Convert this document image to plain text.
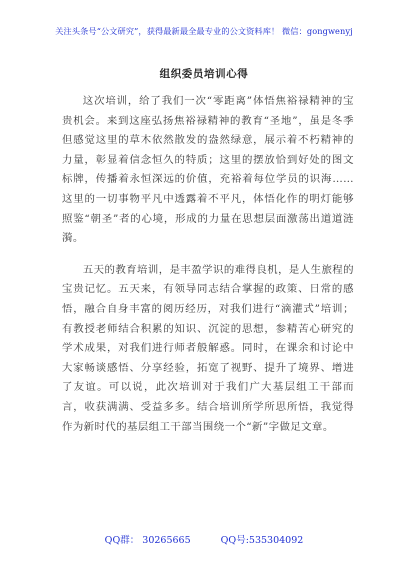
关注头条号“公文研究”，获得最新最全最专业的公文资料库！ 微信：gongwenyj
组织委员培训心得

这次培训，给了我们一次“零距离”体悟焦裕禄精神的宝贵机会。来到这座弘扬焦裕禄精神的教育“圣地”，虽是冬季但感觉这里的草木依然散发的盎然绿意，展示着不朽精神的力量，彰显着信念恒久的特质；这里的摆放恰到好处的图文标牌，传播着永恒深远的价值，充裕着每位学员的识海……这里的一切事物平凡中透露着不平凡，体悟化作的明灯能够照鉴“朝圣”者的心境，形成的力量在思想层面激荡出道道涟漪。

五天的教育培训，是丰盈学识的难得良机，是人生旅程的宝贵记忆。五天来，有领导同志结合掌握的政策、日常的感悟，融合自身丰富的阅历经历，对我们进行“滴灌式”培训；有教授老师结合积累的知识、沉淀的思想，参精苦心研究的学术成果，对我们进行师者般解惑。同时，在课余和讨论中大家畅谈感悟、分享经验，拓宽了视野、提升了境界、增进了友谊。可以说，此次培训对于我们广大基层组工干部而言，收获满满、受益多多。结合培训所学所思所悟，我觉得作为新时代的基层组工干部当围绕一个“新”字做足文章。

QQ群： 30265665	QQ号:535304092
